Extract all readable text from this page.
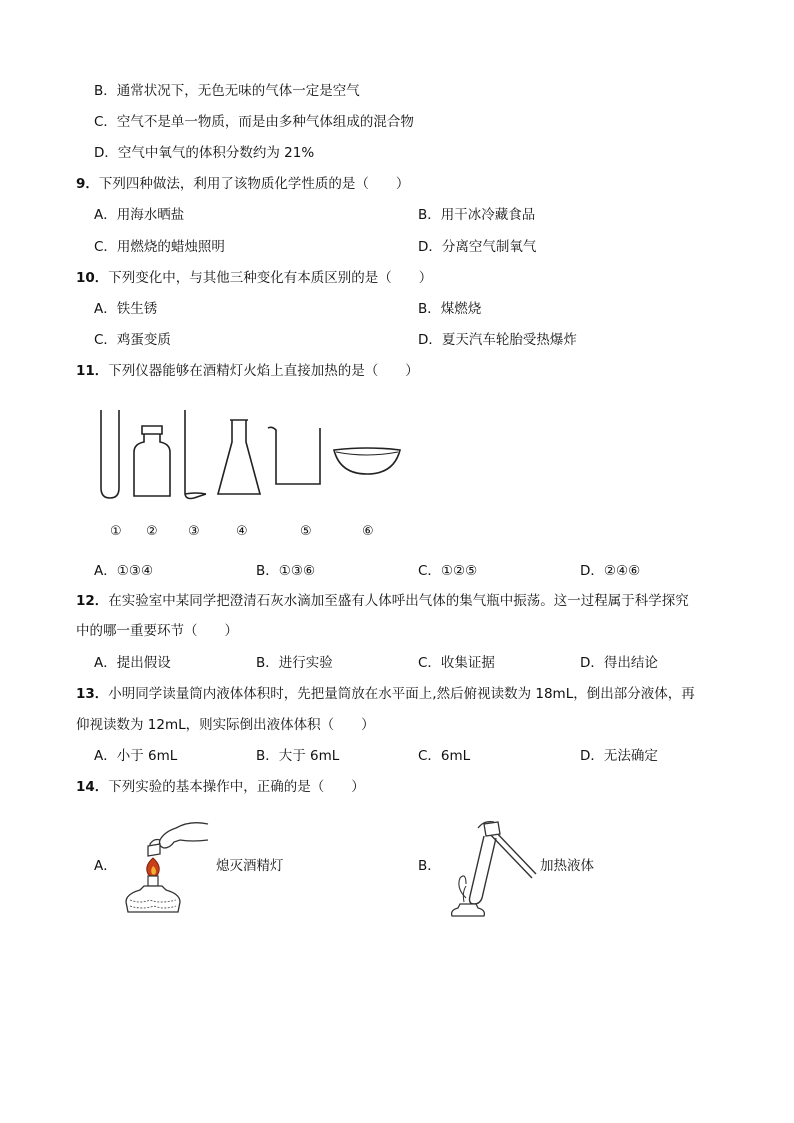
B．通常状况下，无色无味的气体一定是空气
C．空气不是单一物质，而是由多种气体组成的混合物
D．空气中氧气的体积分数约为 21%
9．下列四种做法，利用了该物质化学性质的是（　　）
A．用海水晒盐	B．用干冰冷藏食品
C．用燃烧的蜡烛照明	D．分离空气制氧气
10．下列变化中，与其他三种变化有本质区别的是（　　）
A．铁生锈	B．煤燃烧
C．鸡蛋变质	D．夏天汽车轮胎受热爆炸
11．下列仪器能够在酒精灯火焰上直接加热的是（　　）
① ② ③	④	⑤	⑥
A．①③④	B．①③⑥	C．①②⑤	D．②④⑥
12．在实验室中某同学把澄清石灰水滴加至盛有人体呼出气体的集气瓶中振荡。这一过程属于科学探究
中的哪一重要环节（　　）
A．提出假设	B．进行实验	C．收集证据	D．得出结论
13．小明同学读量筒内液体体积时，先把量筒放在水平面上,然后俯视读数为 18mL，倒出部分液体，再
仰视读数为 12mL，则实际倒出液体体积（　　）
A．小于 6mL	B．大于 6mL	C．6mL	D．无法确定
14．下列实验的基本操作中，正确的是（　　）
A．	熄灭酒精灯	B．	加热液体
